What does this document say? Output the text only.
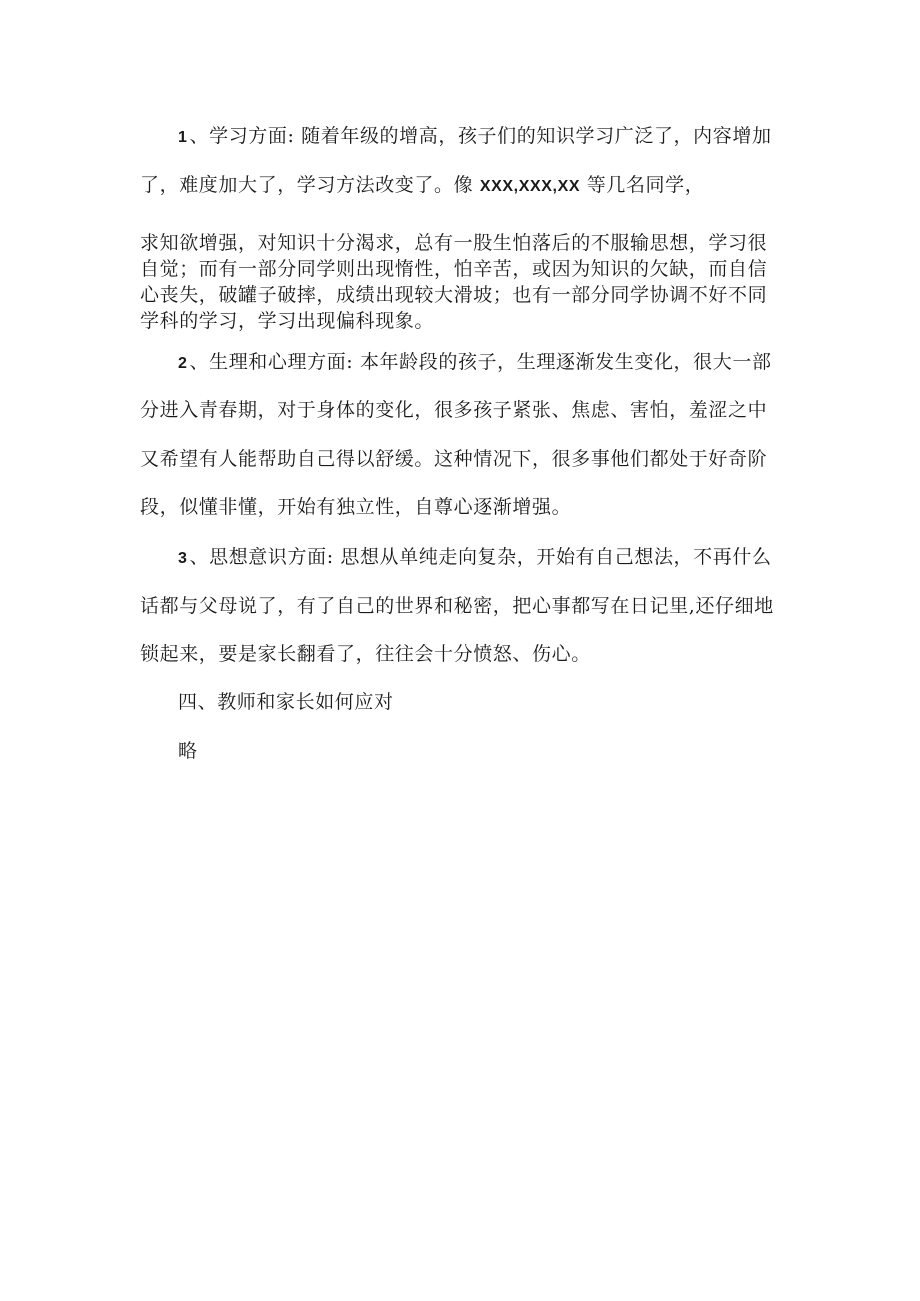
1 、学习方面: 随着年级的增高，孩子们的知识学习广泛了，内容增加
了，难度加大了，学习方法改变了。像 XXX,XXX,XX 等几名同学，
求知欲增强，对知识十分渴求，总有一股生怕落后的不服输思想，学习很
自觉；而有一部分同学则出现惰性，怕辛苦，或因为知识的欠缺，而自信
心丧失，破罐子破摔，成绩出现较大滑坡；也有一部分同学协调不好不同
学科的学习，学习出现偏科现象。
2 、生理和心理方面: 本年龄段的孩子，生理逐渐发生变化，很大一部
分进入青春期，对于身体的变化，很多孩子紧张、焦虑、害怕，羞涩之中
又希望有人能帮助自己得以舒缓。这种情况下，很多事他们都处于好奇阶
段，似懂非懂，开始有独立性，自尊心逐渐增强。
3 、思想意识方面: 思想从单纯走向复杂，开始有自己想法，不再什么
话都与父母说了，有了自己的世界和秘密，把心事都写在日记里,还仔细地
锁起来，要是家长翻看了，往往会十分愤怒、伤心。
四、教师和家长如何应对
略
